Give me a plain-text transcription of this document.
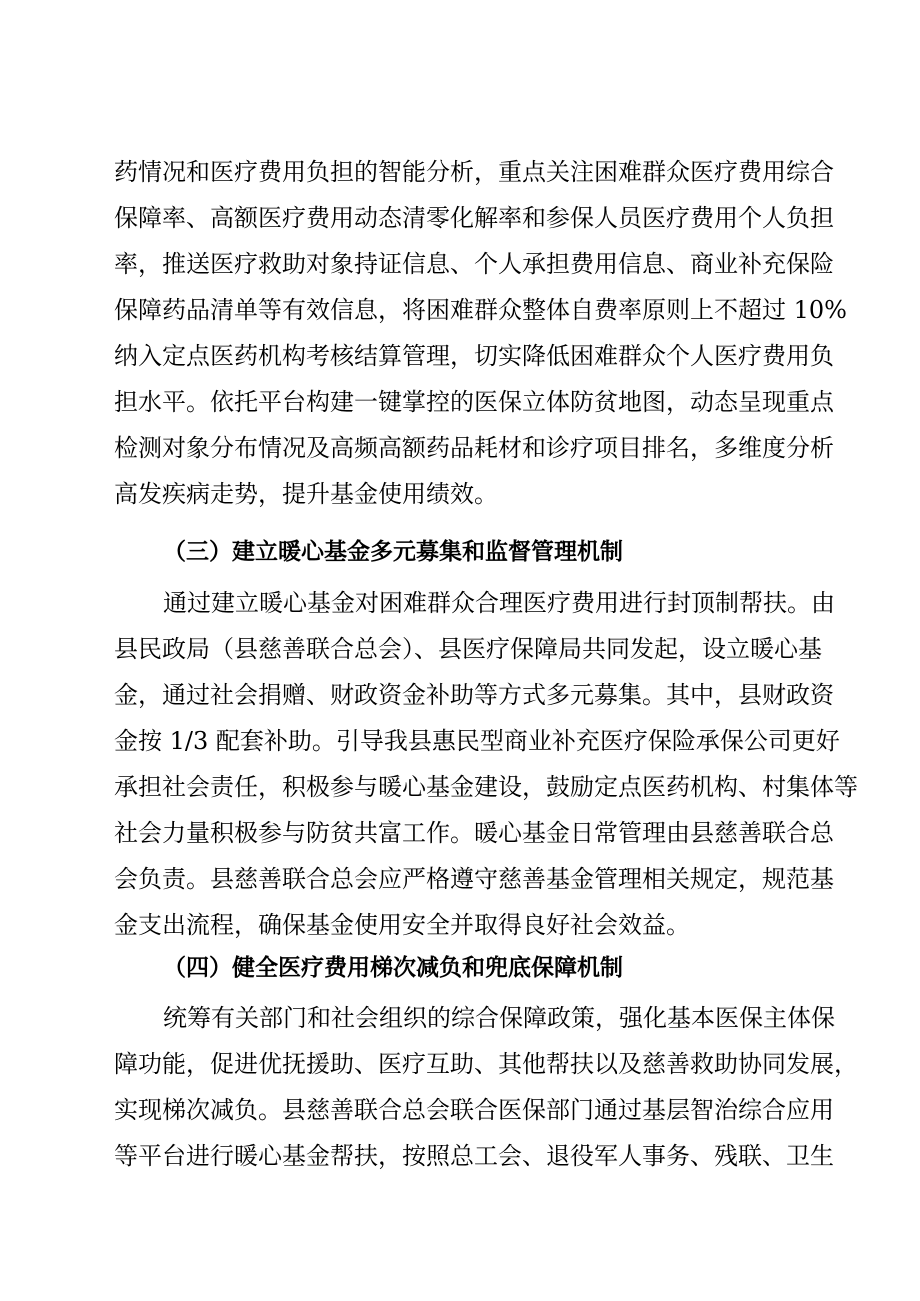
药情况和医疗费用负担的智能分析，重点关注困难群众医疗费用综合
保障率、高额医疗费用动态清零化解率和参保人员医疗费用个人负担
率，推送医疗救助对象持证信息、个人承担费用信息、商业补充保险
保障药品清单等有效信息，将困难群众整体自费率原则上不超过 10%
纳入定点医药机构考核结算管理，切实降低困难群众个人医疗费用负
担水平。依托平台构建一键掌控的医保立体防贫地图，动态呈现重点
检测对象分布情况及高频高额药品耗材和诊疗项目排名，多维度分析
高发疾病走势，提升基金使用绩效。
（三）建立暖心基金多元募集和监督管理机制
通过建立暖心基金对困难群众合理医疗费用进行封顶制帮扶。由
县民政局（县慈善联合总会）、县医疗保障局共同发起，设立暖心基
金，通过社会捐赠、财政资金补助等方式多元募集。其中，县财政资
金按 1/3 配套补助。引导我县惠民型商业补充医疗保险承保公司更好
承担社会责任，积极参与暖心基金建设，鼓励定点医药机构、村集体等
社会力量积极参与防贫共富工作。暖心基金日常管理由县慈善联合总
会负责。县慈善联合总会应严格遵守慈善基金管理相关规定，规范基
金支出流程，确保基金使用安全并取得良好社会效益。
（四）健全医疗费用梯次减负和兜底保障机制
统筹有关部门和社会组织的综合保障政策，强化基本医保主体保
障功能，促进优抚援助、医疗互助、其他帮扶以及慈善救助协同发展，
实现梯次减负。县慈善联合总会联合医保部门通过基层智治综合应用
等平台进行暖心基金帮扶，按照总工会、退役军人事务、残联、卫生
